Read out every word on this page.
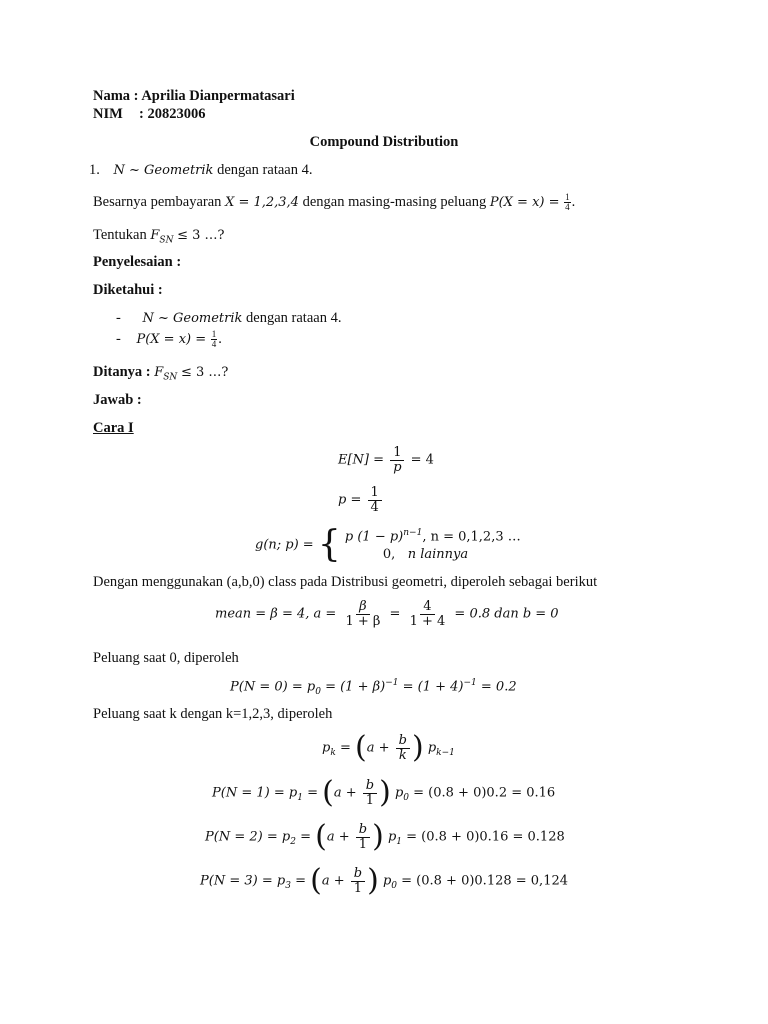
Nama : Aprilia Dianpermatasari
NIM : 20823006
Compound Distribution
1. N ~ Geometrik dengan rataan 4.
Besarnya pembayaran X = 1,2,3,4 dengan masing-masing peluang $P(X = x) = \frac{1}{4}$ .
Tentukan $F_{SN} \le 3$ …?
Penyelesaian :
Diketahui :
- N ~ Geometrik dengan rataan 4.
- $P(X = x) = \frac{1}{4}$ .
Ditanya : $F_{SN} \le 3$ …?
Jawab :
Cara I
$E[N] = \frac{1}{p} = 4$
$p = \frac{1}{4}$
g(n; p) = { p $(1 - p)^{n-1}$, n = 0,1,2,3 …
0, n lainnya
Dengan menggunakan (a,b,0) class pada Distribusi geometri, diperoleh sebagai berikut
mean = β = 4, $a = \frac{\beta}{1 + \beta} = \frac{4}{1 + 4} = 0.8$ dan b = 0
Peluang saat 0, diperoleh
$P(N = 0) = p_0 = (1 + \beta)^{-1} = (1 + 4)^{-1} = 0.2$
Peluang saat k dengan k=1,2,3, diperoleh
$p_k = (a + \frac{b}{k}$ ) $p_{k-1}$
$P(N = 1) = p_1 = (a + \frac{b}{1}$ ) $p_0 = (0.8 + 0)0.2 = 0.16$
$P(N = 2) = p_2 = (a + \frac{b}{1}$ ) $p_1 = (0.8 + 0)0.16 = 0.128$
$P(N = 3) = p_3 = (a + \frac{b}{1}$ ) $p_0 = (0.8 + 0)0.128 = 0,124$
